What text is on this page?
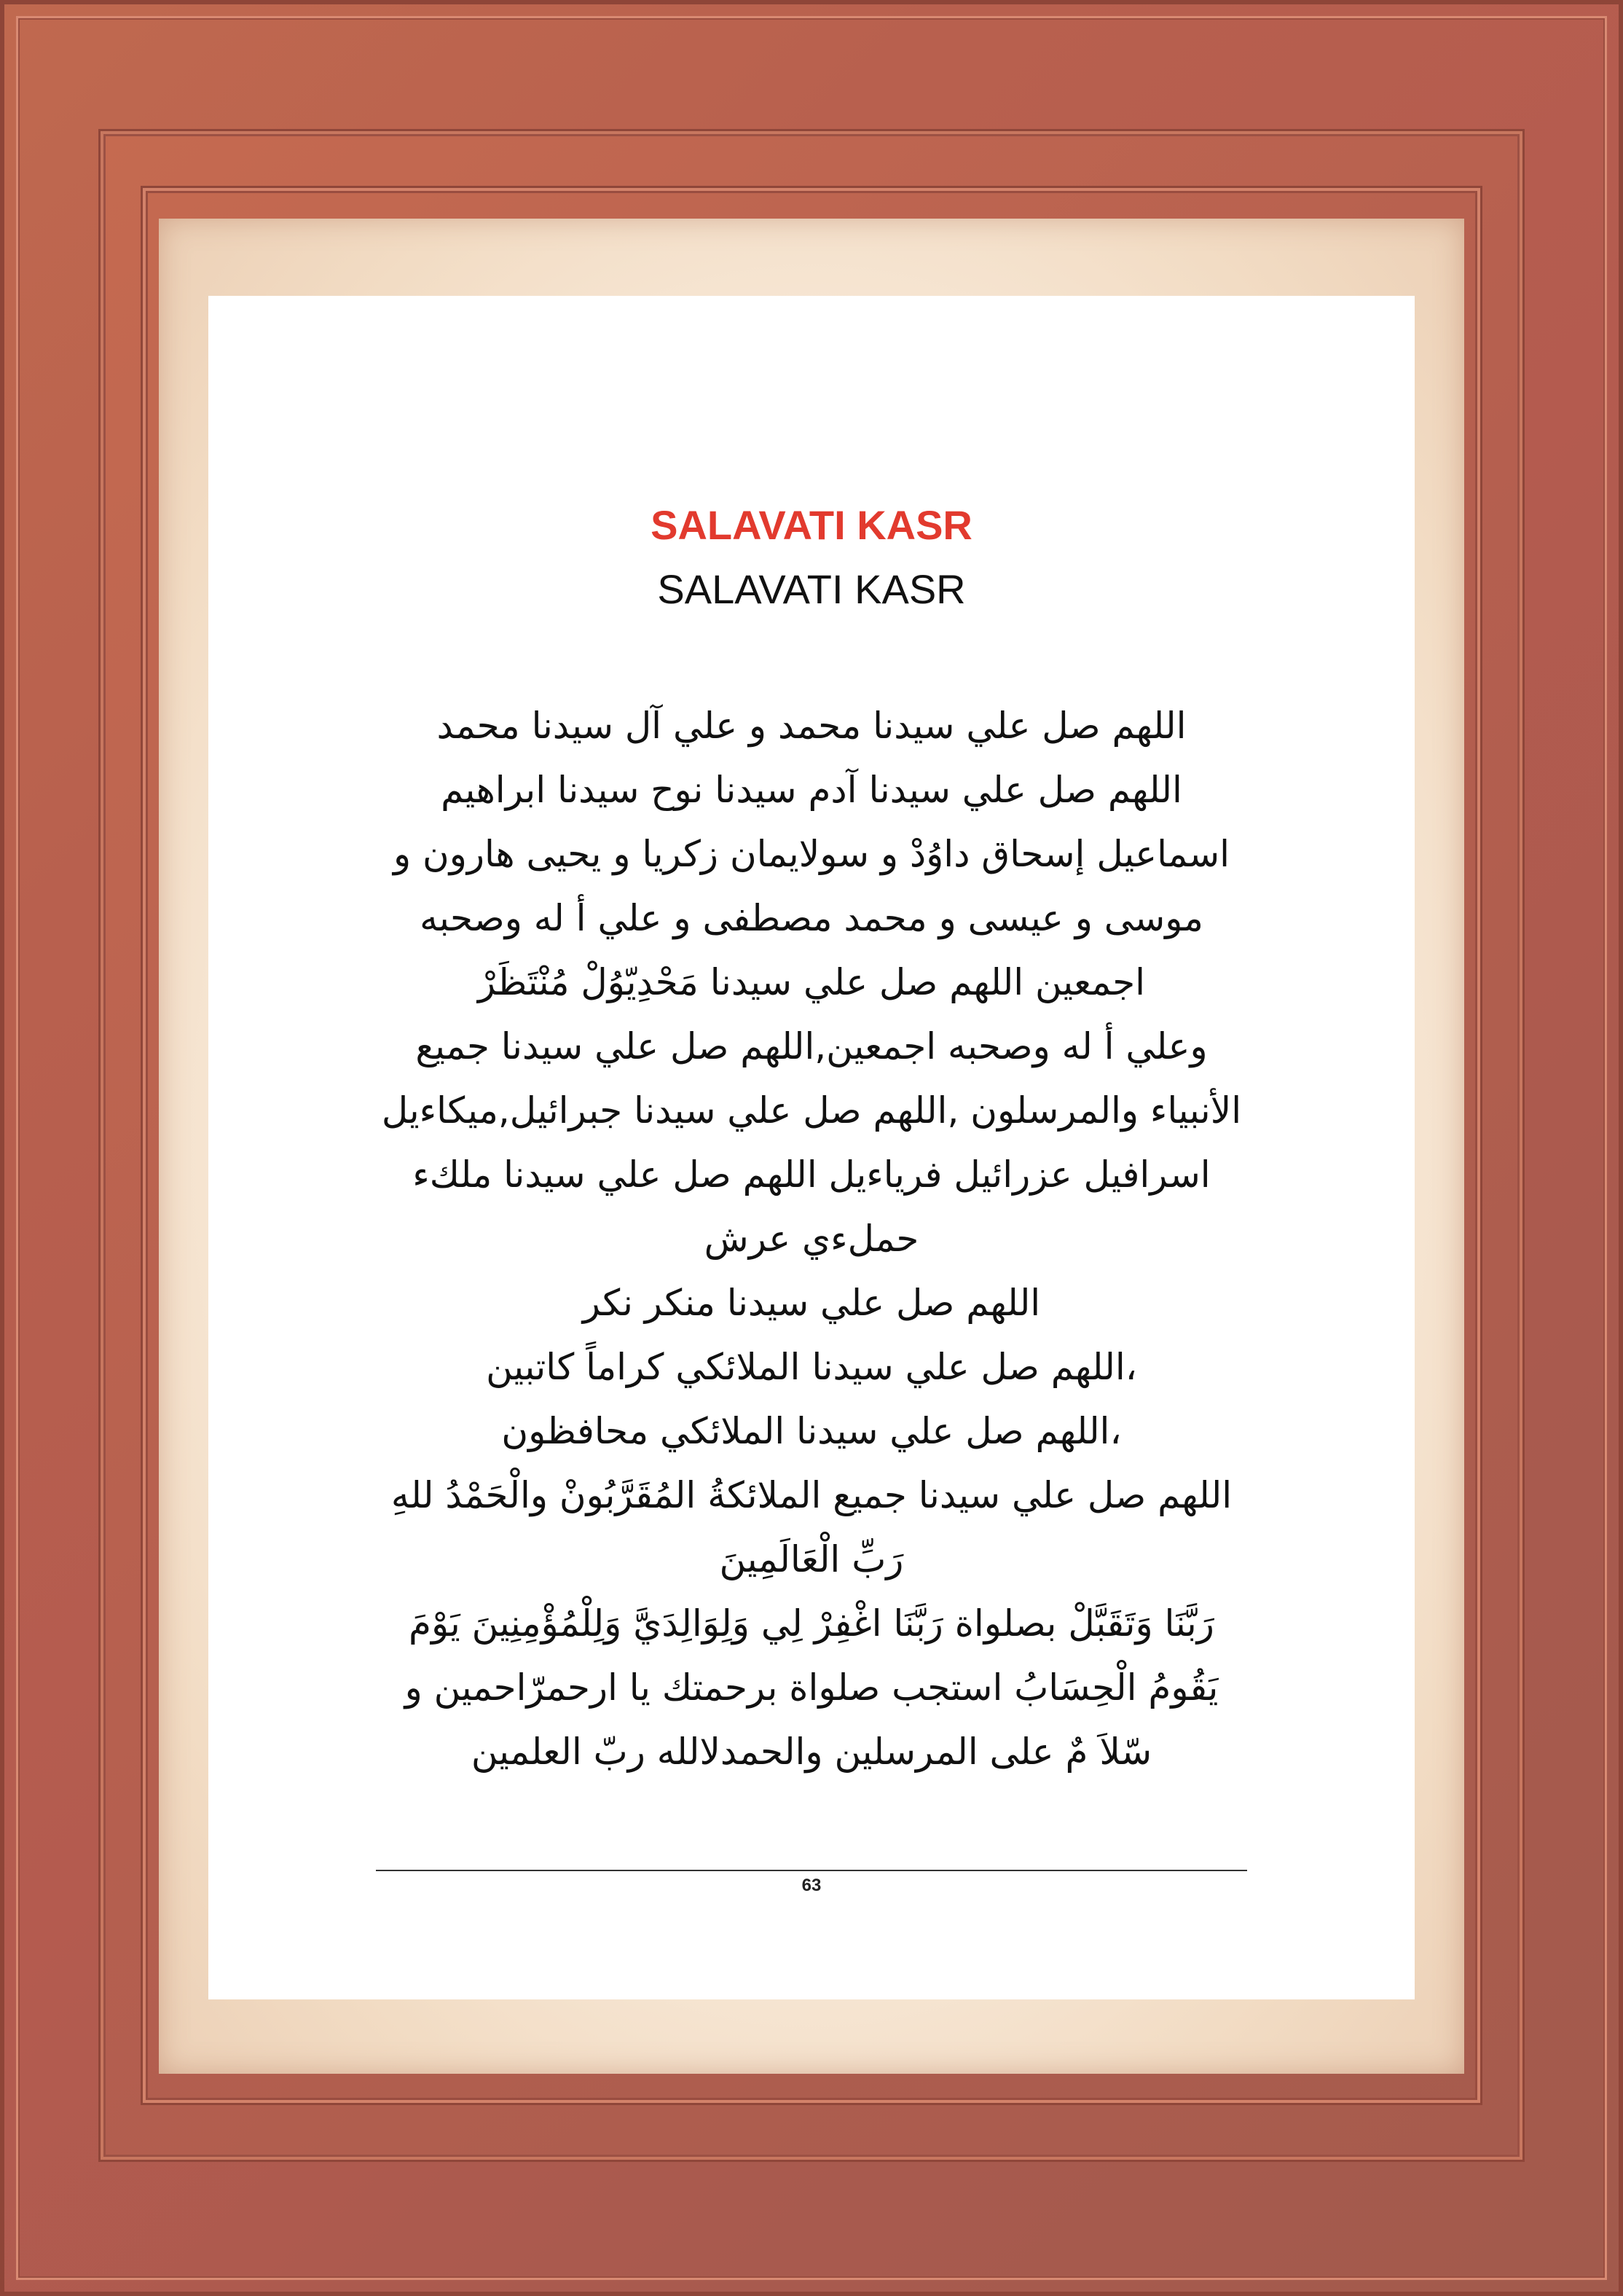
SALAVATI KASR
SALAVATI KASR
اللهم صل علي سيدنا محمد و علي آل سيدنا محمد
اللهم صل علي سيدنا آدم سيدنا نوح سيدنا ابراهيم
اسماعيل إسحاق داوُدْ و سولايمان زكريا و يحيى هارون و
موسى و عيسى و محمد مصطفى و علي أ له وصحبه
اجمعين اللهم صل علي سيدنا مَحْدِيّوُلْ مُنْتَظَرْ
وعلي أ له وصحبه اجمعين,اللهم صل علي سيدنا جميع
الأنبياء والمرسلون ,اللهم صل علي سيدنا جبرائيل,ميكاءيل
اسرافيل عزرائيل فرياءيل اللهم صل علي سيدنا ملكء
حملءي عرش
اللهم صل علي سيدنا منكر نكر
،اللهم صل علي سيدنا الملائكي كراماً كاتبين
،اللهم صل علي سيدنا الملائكي محافظون
اللهم صل علي سيدنا جميع الملائكةُ المُقَرَّبُونْ والْحَمْدُ للهِ
رَبِّ الْعَالَمِينَ
رَبَّنَا وَتَقَبَّلْ بصلواة رَبَّنَا اغْفِرْ لِي وَلِوَالِدَيَّ وَلِلْمُؤْمِنِينَ يَوْمَ
يَقُومُ الْحِسَابُ استجب صلواة برحمتك يا ارحمرّاحمين و
سّلاَ مٌ على المرسلين والحمدلالله ربّ العلمين
63
